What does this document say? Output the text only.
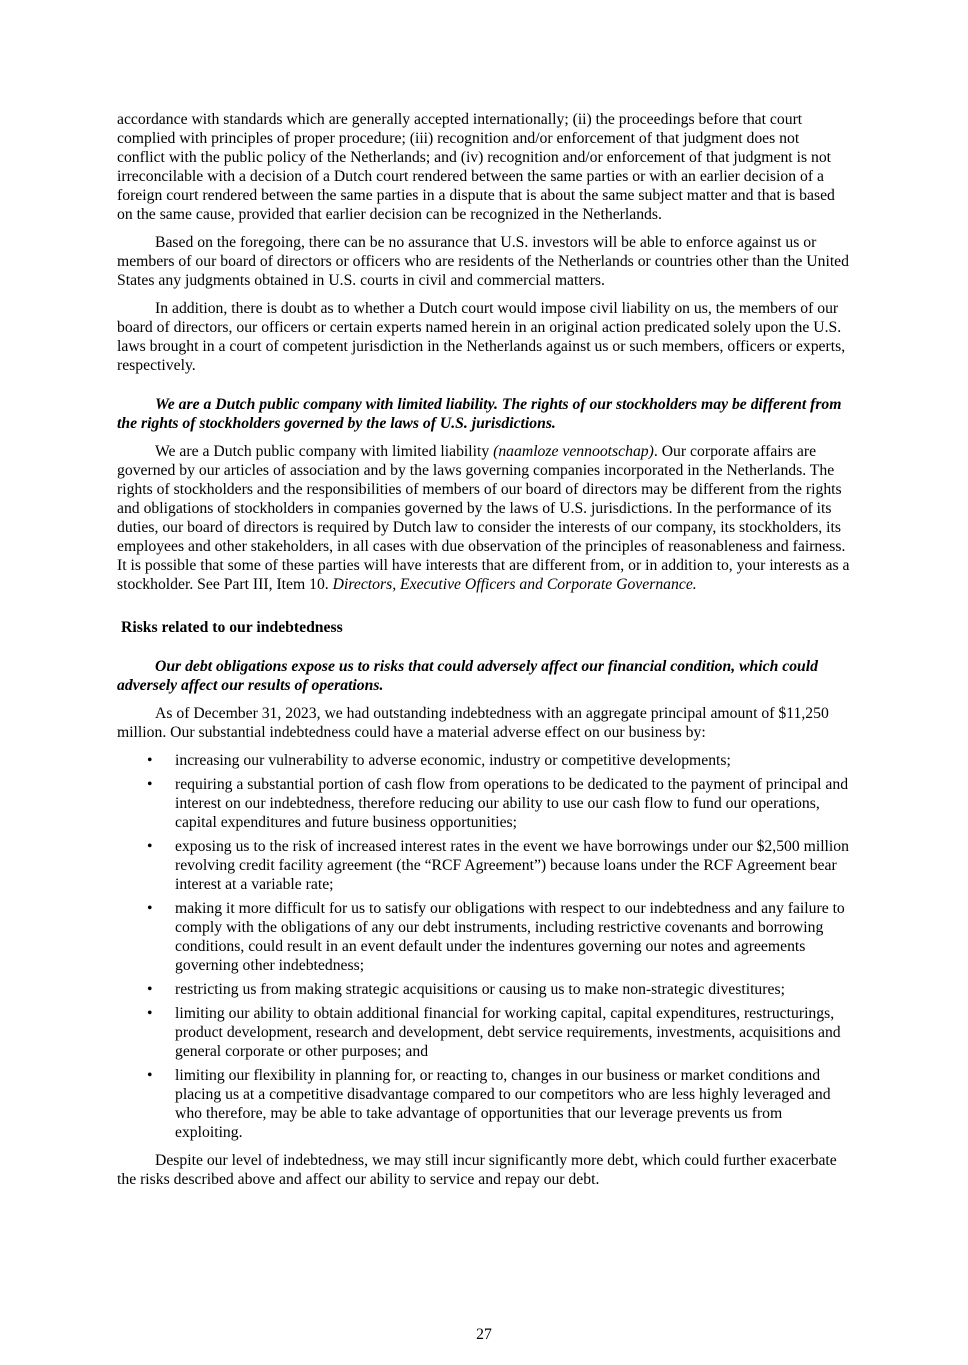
accordance with standards which are generally accepted internationally; (ii) the proceedings before that court complied with principles of proper procedure; (iii) recognition and/or enforcement of that judgment does not conflict with the public policy of the Netherlands; and (iv) recognition and/or enforcement of that judgment is not irreconcilable with a decision of a Dutch court rendered between the same parties or with an earlier decision of a foreign court rendered between the same parties in a dispute that is about the same subject matter and that is based on the same cause, provided that earlier decision can be recognized in the Netherlands.

Based on the foregoing, there can be no assurance that U.S. investors will be able to enforce against us or members of our board of directors or officers who are residents of the Netherlands or countries other than the United States any judgments obtained in U.S. courts in civil and commercial matters.

In addition, there is doubt as to whether a Dutch court would impose civil liability on us, the members of our board of directors, our officers or certain experts named herein in an original action predicated solely upon the U.S. laws brought in a court of competent jurisdiction in the Netherlands against us or such members, officers or experts, respectively.

We are a Dutch public company with limited liability. The rights of our stockholders may be different from the rights of stockholders governed by the laws of U.S. jurisdictions.

We are a Dutch public company with limited liability (naamloze vennootschap). Our corporate affairs are governed by our articles of association and by the laws governing companies incorporated in the Netherlands. The rights of stockholders and the responsibilities of members of our board of directors may be different from the rights and obligations of stockholders in companies governed by the laws of U.S. jurisdictions. In the performance of its duties, our board of directors is required by Dutch law to consider the interests of our company, its stockholders, its employees and other stakeholders, in all cases with due observation of the principles of reasonableness and fairness. It is possible that some of these parties will have interests that are different from, or in addition to, your interests as a stockholder. See Part III, Item 10. Directors, Executive Officers and Corporate Governance.

Risks related to our indebtedness

Our debt obligations expose us to risks that could adversely affect our financial condition, which could adversely affect our results of operations.

As of December 31, 2023, we had outstanding indebtedness with an aggregate principal amount of $11,250 million. Our substantial indebtedness could have a material adverse effect on our business by:

• increasing our vulnerability to adverse economic, industry or competitive developments;
• requiring a substantial portion of cash flow from operations to be dedicated to the payment of principal and interest on our indebtedness, therefore reducing our ability to use our cash flow to fund our operations, capital expenditures and future business opportunities;
• exposing us to the risk of increased interest rates in the event we have borrowings under our $2,500 million revolving credit facility agreement (the “RCF Agreement”) because loans under the RCF Agreement bear interest at a variable rate;
• making it more difficult for us to satisfy our obligations with respect to our indebtedness and any failure to comply with the obligations of any our debt instruments, including restrictive covenants and borrowing conditions, could result in an event default under the indentures governing our notes and agreements governing other indebtedness;
• restricting us from making strategic acquisitions or causing us to make non-strategic divestitures;
• limiting our ability to obtain additional financial for working capital, capital expenditures, restructurings, product development, research and development, debt service requirements, investments, acquisitions and general corporate or other purposes; and
• limiting our flexibility in planning for, or reacting to, changes in our business or market conditions and placing us at a competitive disadvantage compared to our competitors who are less highly leveraged and who therefore, may be able to take advantage of opportunities that our leverage prevents us from exploiting.

Despite our level of indebtedness, we may still incur significantly more debt, which could further exacerbate the risks described above and affect our ability to service and repay our debt.

27
